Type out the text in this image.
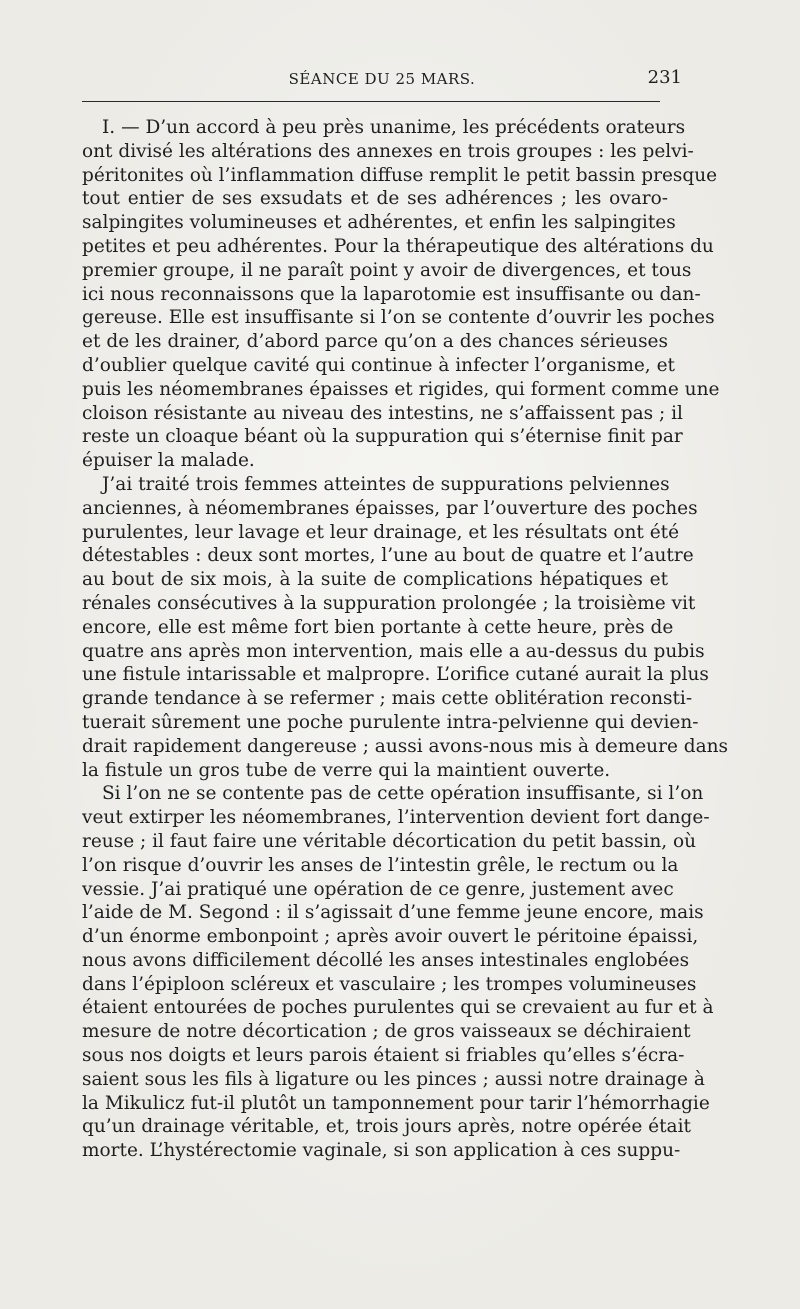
SÉANCE DU 25 MARS.	231
I. — D’un accord à peu près unanime, les précédents orateurs
ont divisé les altérations des annexes en trois groupes : les pelvi-
péritonites où l’inflammation diffuse remplit le petit bassin presque
tout entier de ses exsudats et de ses adhérences ; les ovaro-
salpingites volumineuses et adhérentes, et enfin les salpingites
petites et peu adhérentes. Pour la thérapeutique des altérations du
premier groupe, il ne paraît point y avoir de divergences, et tous
ici nous reconnaissons que la laparotomie est insuffisante ou dan-
gereuse. Elle est insuffisante si l’on se contente d’ouvrir les poches
et de les drainer, d’abord parce qu’on a des chances sérieuses
d’oublier quelque cavité qui continue à infecter l’organisme, et
puis les néomembranes épaisses et rigides, qui forment comme une
cloison résistante au niveau des intestins, ne s’affaissent pas ; il
reste un cloaque béant où la suppuration qui s’éternise finit par
épuiser la malade.
J’ai traité trois femmes atteintes de suppurations pelviennes
anciennes, à néomembranes épaisses, par l’ouverture des poches
purulentes, leur lavage et leur drainage, et les résultats ont été
détestables : deux sont mortes, l’une au bout de quatre et l’autre
au bout de six mois, à la suite de complications hépatiques et
rénales consécutives à la suppuration prolongée ; la troisième vit
encore, elle est même fort bien portante à cette heure, près de
quatre ans après mon intervention, mais elle a au-dessus du pubis
une fistule intarissable et malpropre. L’orifice cutané aurait la plus
grande tendance à se refermer ; mais cette oblitération reconsti-
tuerait sûrement une poche purulente intra-pelvienne qui devien-
drait rapidement dangereuse ; aussi avons-nous mis à demeure dans
la fistule un gros tube de verre qui la maintient ouverte.
Si l’on ne se contente pas de cette opération insuffisante, si l’on
veut extirper les néomembranes, l’intervention devient fort dange-
reuse ; il faut faire une véritable décortication du petit bassin, où
l’on risque d’ouvrir les anses de l’intestin grêle, le rectum ou la
vessie. J’ai pratiqué une opération de ce genre, justement avec
l’aide de M. Segond : il s’agissait d’une femme jeune encore, mais
d’un énorme embonpoint ; après avoir ouvert le péritoine épaissi,
nous avons difficilement décollé les anses intestinales englobées
dans l’épiploon scléreux et vasculaire ; les trompes volumineuses
étaient entourées de poches purulentes qui se crevaient au fur et à
mesure de notre décortication ; de gros vaisseaux se déchiraient
sous nos doigts et leurs parois étaient si friables qu’elles s’écra-
saient sous les fils à ligature ou les pinces ; aussi notre drainage à
la Mikulicz fut-il plutôt un tamponnement pour tarir l’hémorrhagie
qu’un drainage véritable, et, trois jours après, notre opérée était
morte. L’hystérectomie vaginale, si son application à ces suppu-
